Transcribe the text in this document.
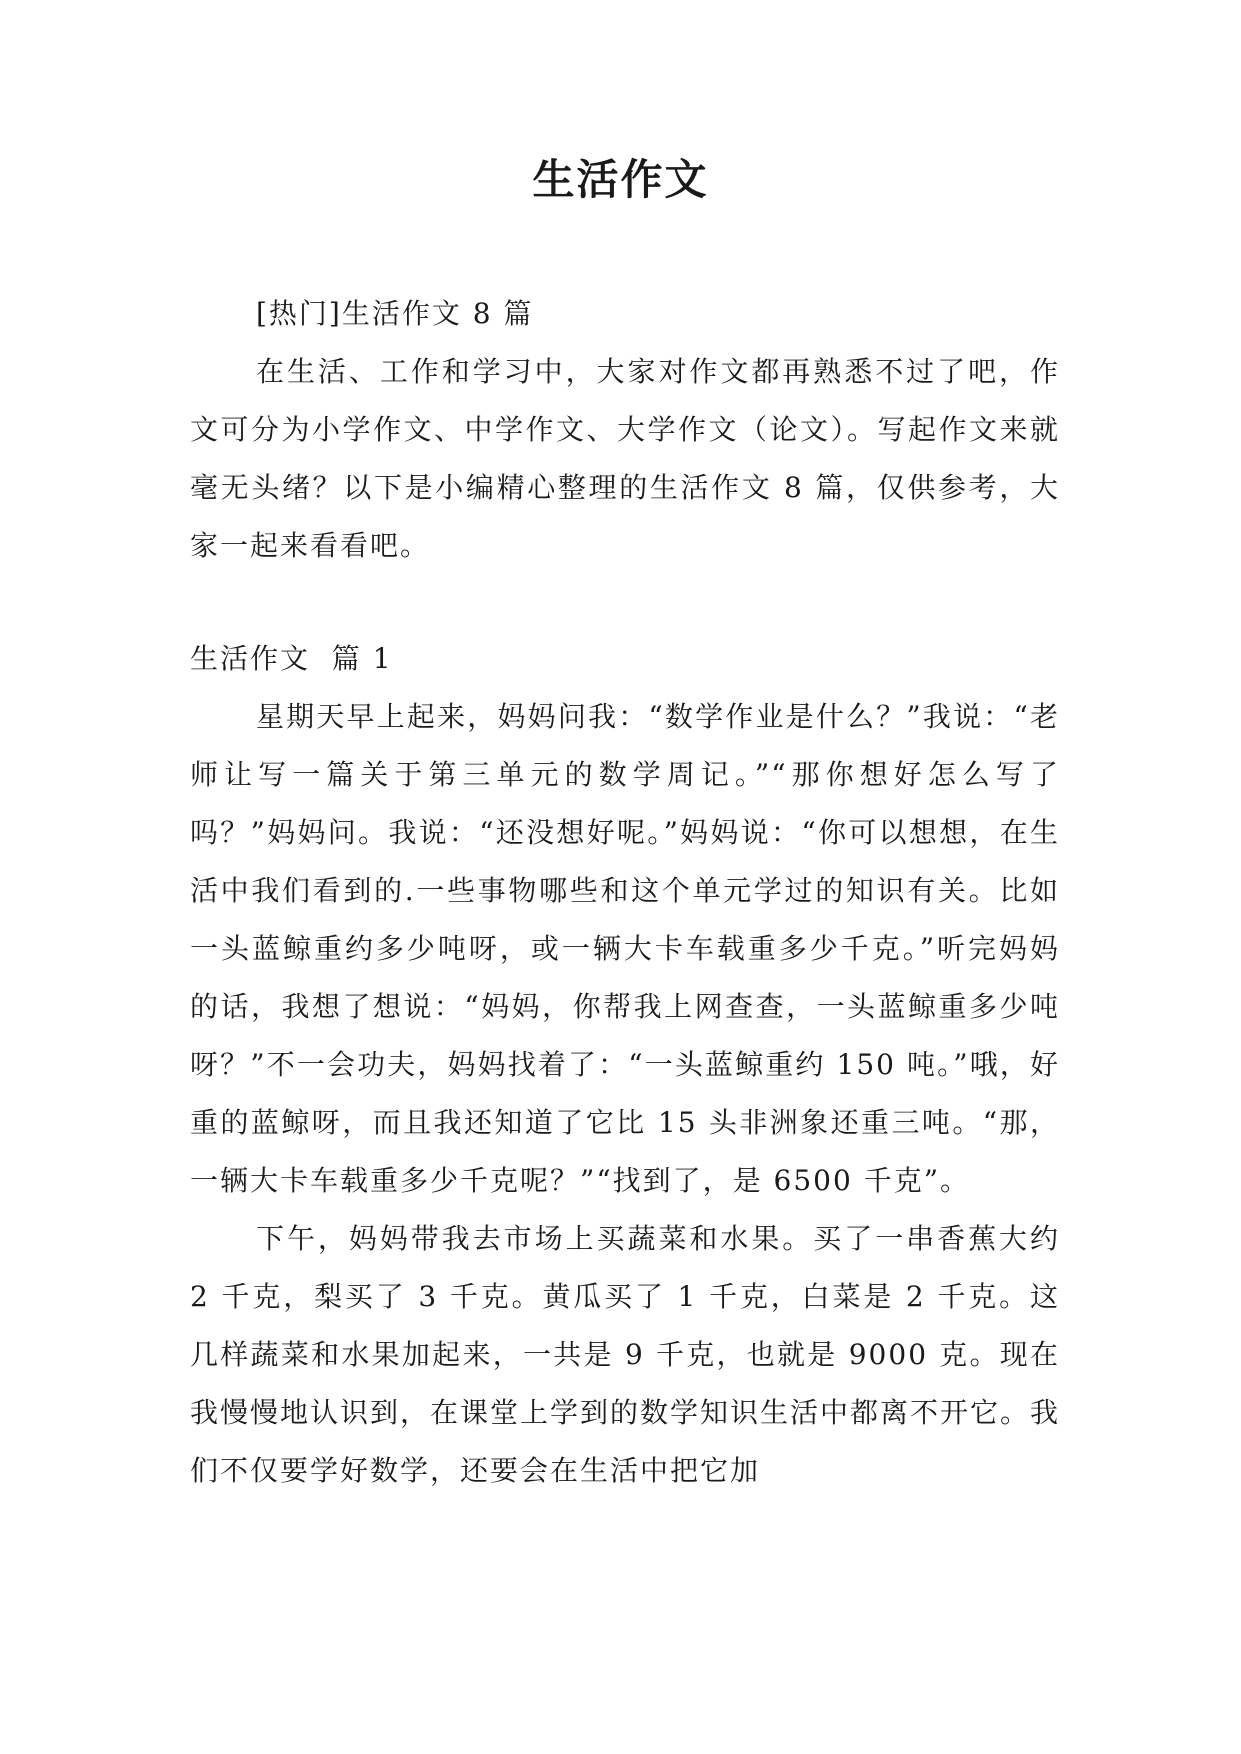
生活作文

[热门]生活作文 8 篇

在生活、工作和学习中，大家对作文都再熟悉不过了吧，作文可分为小学作文、中学作文、大学作文（论文）。写起作文来就毫无头绪？以下是小编精心整理的生活作文 8 篇，仅供参考，大家一起来看看吧。

生活作文  篇 1

星期天早上起来，妈妈问我：“数学作业是什么？”我说：“老师让写一篇关于第三单元的数学周记。”“那你想好怎么写了吗？”妈妈问。我说：“还没想好呢。”妈妈说：“你可以想想，在生活中我们看到的.一些事物哪些和这个单元学过的知识有关。比如一头蓝鲸重约多少吨呀，或一辆大卡车载重多少千克。”听完妈妈的话，我想了想说：“妈妈，你帮我上网查查，一头蓝鲸重多少吨呀？”不一会功夫，妈妈找着了：“一头蓝鲸重约 150 吨。”哦，好重的蓝鲸呀，而且我还知道了它比 15 头非洲象还重三吨。“那，一辆大卡车载重多少千克呢？”“找到了，是 6500 千克”。

下午，妈妈带我去市场上买蔬菜和水果。买了一串香蕉大约 2 千克，梨买了 3 千克。黄瓜买了 1 千克，白菜是 2 千克。这几样蔬菜和水果加起来，一共是 9 千克，也就是 9000 克。现在我慢慢地认识到，在课堂上学到的数学知识生活中都离不开它。我们不仅要学好数学，还要会在生活中把它加
